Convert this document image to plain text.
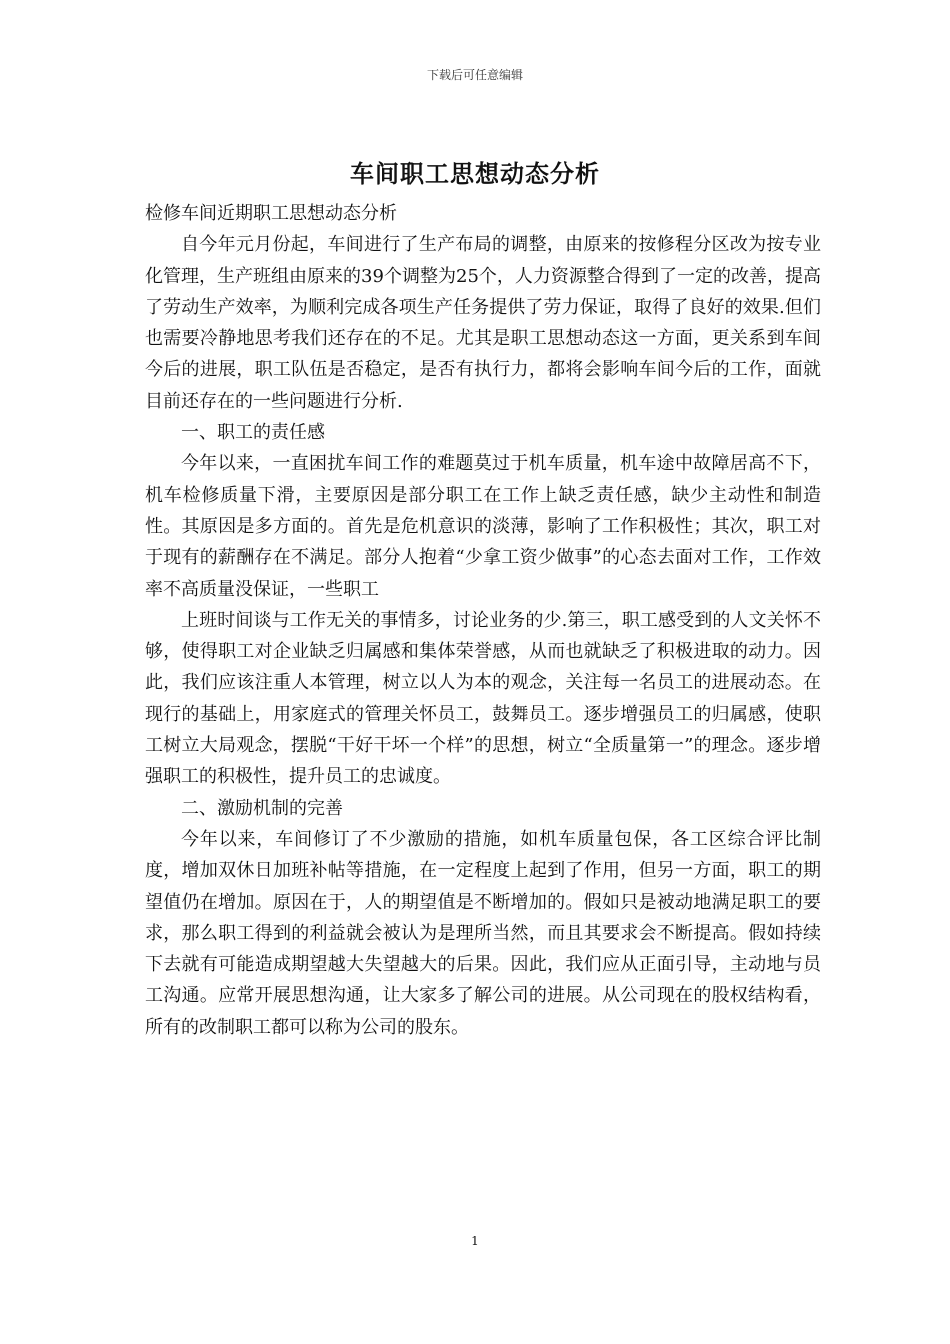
下载后可任意编辑
车间职工思想动态分析

检修车间近期职工思想动态分析

自今年元月份起，车间进行了生产布局的调整，由原来的按修程分区改为按专业化管理，生产班组由原来的39个调整为25个，人力资源整合得到了一定的改善，提高了劳动生产效率，为顺利完成各项生产任务提供了劳力保证，取得了良好的效果.但们也需要冷静地思考我们还存在的不足。尤其是职工思想动态这一方面，更关系到车间今后的进展，职工队伍是否稳定，是否有执行力，都将会影响车间今后的工作，面就目前还存在的一些问题进行分析.

一、职工的责任感

今年以来，一直困扰车间工作的难题莫过于机车质量，机车途中故障居高不下，机车检修质量下滑，主要原因是部分职工在工作上缺乏责任感，缺少主动性和制造性。其原因是多方面的。首先是危机意识的淡薄，影响了工作积极性；其次，职工对于现有的薪酬存在不满足。部分人抱着“少拿工资少做事”的心态去面对工作，工作效率不高质量没保证，一些职工

上班时间谈与工作无关的事情多，讨论业务的少.第三，职工感受到的人文关怀不够，使得职工对企业缺乏归属感和集体荣誉感，从而也就缺乏了积极进取的动力。因此，我们应该注重人本管理，树立以人为本的观念，关注每一名员工的进展动态。在现行的基础上，用家庭式的管理关怀员工，鼓舞员工。逐步增强员工的归属感，使职工树立大局观念，摆脱“干好干坏一个样”的思想，树立“全质量第一”的理念。逐步增强职工的积极性，提升员工的忠诚度。

二、激励机制的完善

今年以来，车间修订了不少激励的措施，如机车质量包保，各工区综合评比制度，增加双休日加班补帖等措施，在一定程度上起到了作用，但另一方面，职工的期望值仍在增加。原因在于，人的期望值是不断增加的。假如只是被动地满足职工的要求，那么职工得到的利益就会被认为是理所当然，而且其要求会不断提高。假如持续下去就有可能造成期望越大失望越大的后果。因此，我们应从正面引导，主动地与员工沟通。应常开展思想沟通，让大家多了解公司的进展。从公司现在的股权结构看，所有的改制职工都可以称为公司的股东。

1
